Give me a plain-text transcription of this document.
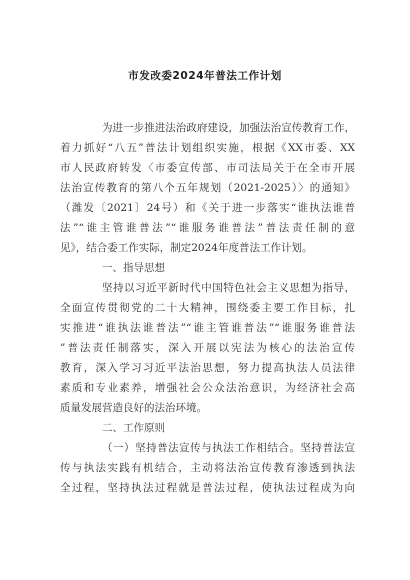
市发改委2024年普法工作计划
为进一步推进法治政府建设，加强法治宣传教育工作，
着力抓好“八五”普法计划组织实施，根据《XX市委、XX
市人民政府转发〈市委宣传部、市司法局关于在全市开展
法治宣传教育的第八个五年规划（2021-2025）〉的通知》
（潍发〔2021〕24号）和《关于进一步落实“谁执法谁普
法”“谁主管谁普法”“谁服务谁普法”普法责任制的意
见》，结合委工作实际，制定2024年度普法工作计划。
一、指导思想
坚持以习近平新时代中国特色社会主义思想为指导，
全面宣传贯彻党的二十大精神，围绕委主要工作目标，扎
实推进“谁执法谁普法”“谁主管谁普法”“谁服务谁普法
”普法责任制落实，深入开展以宪法为核心的法治宣传
教育，深入学习习近平法治思想，努力提高执法人员法律
素质和专业素养，增强社会公众法治意识，为经济社会高
质量发展营造良好的法治环境。
二、工作原则
（一）坚持普法宣传与执法工作相结合。坚持普法宣
传与执法实践有机结合，主动将法治宣传教育渗透到执法
全过程，坚持执法过程就是普法过程，使执法过程成为向
